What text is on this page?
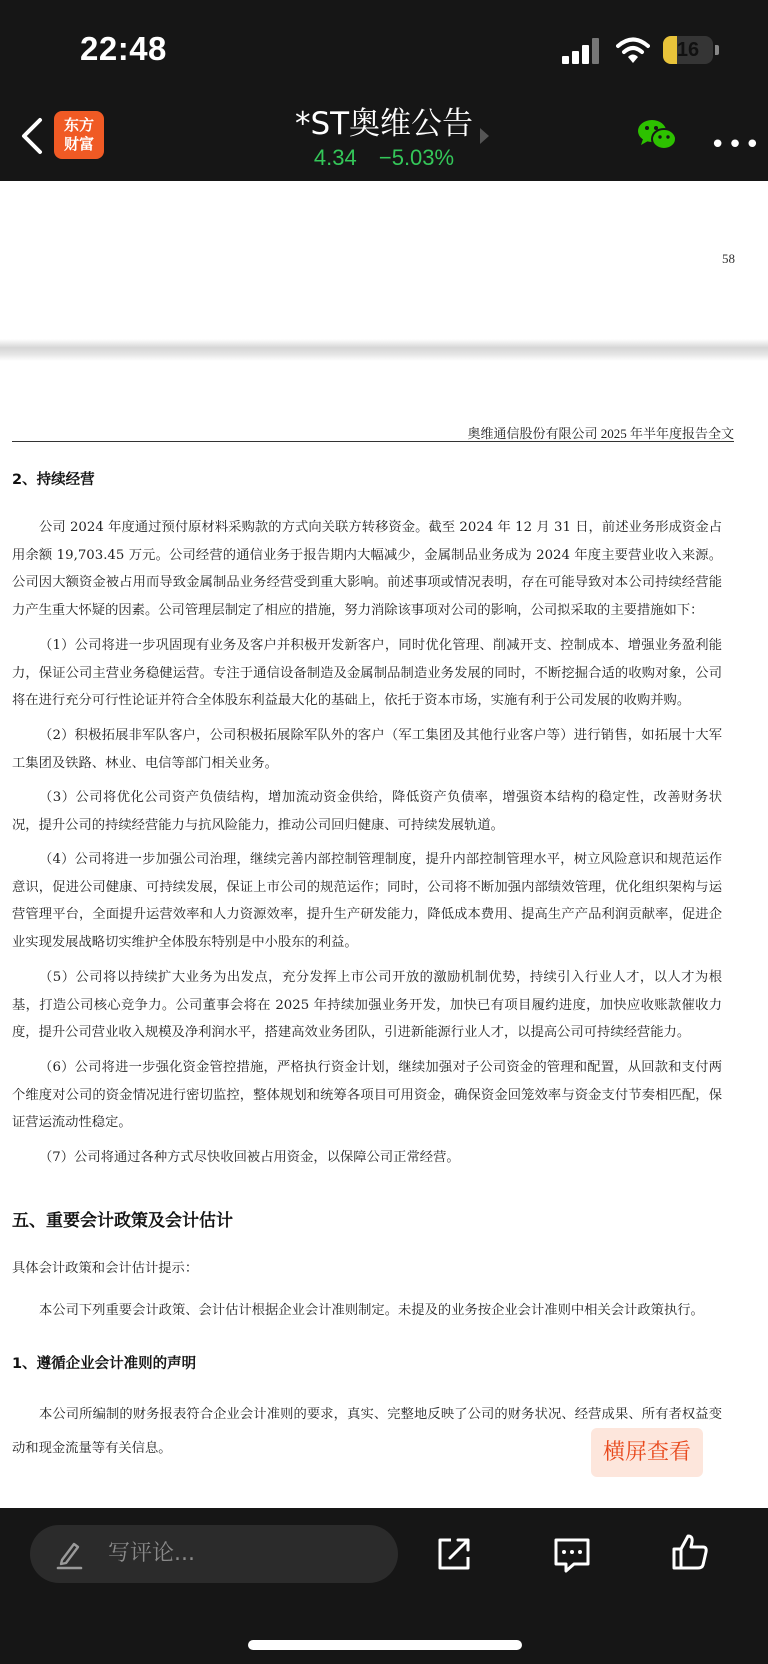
22:48	16
东方
财富
*ST奥维公告
4.34 −5.03%	•••
58
奥维通信股份有限公司 2025 年半年度报告全文
2、持续经营
公司 2024 年度通过预付原材料采购款的方式向关联方转移资金。截至 2024 年 12 月 31 日，前述业务形成资金占用余额 19,703.45 万元。公司经营的通信业务于报告期内大幅减少，金属制品业务成为 2024 年度主要营业收入来源。公司因大额资金被占用而导致金属制品业务经营受到重大影响。前述事项或情况表明，存在可能导致对本公司持续经营能力产生重大怀疑的因素。公司管理层制定了相应的措施，努力消除该事项对公司的影响，公司拟采取的主要措施如下：
（1）公司将进一步巩固现有业务及客户并积极开发新客户，同时优化管理、削减开支、控制成本、增强业务盈利能力，保证公司主营业务稳健运营。专注于通信设备制造及金属制品制造业务发展的同时，不断挖掘合适的收购对象，公司将在进行充分可行性论证并符合全体股东利益最大化的基础上，依托于资本市场，实施有利于公司发展的收购并购。
（2）积极拓展非军队客户，公司积极拓展除军队外的客户（军工集团及其他行业客户等）进行销售，如拓展十大军工集团及铁路、林业、电信等部门相关业务。
（3）公司将优化公司资产负债结构，增加流动资金供给，降低资产负债率，增强资本结构的稳定性，改善财务状况，提升公司的持续经营能力与抗风险能力，推动公司回归健康、可持续发展轨道。
（4）公司将进一步加强公司治理，继续完善内部控制管理制度，提升内部控制管理水平，树立风险意识和规范运作意识，促进公司健康、可持续发展，保证上市公司的规范运作；同时，公司将不断加强内部绩效管理，优化组织架构与运营管理平台，全面提升运营效率和人力资源效率，提升生产研发能力，降低成本费用、提高生产产品利润贡献率，促进企业实现发展战略切实维护全体股东特别是中小股东的利益。
（5）公司将以持续扩大业务为出发点，充分发挥上市公司开放的激励机制优势，持续引入行业人才，以人才为根基，打造公司核心竞争力。公司董事会将在 2025 年持续加强业务开发，加快已有项目履约进度，加快应收账款催收力度，提升公司营业收入规模及净利润水平，搭建高效业务团队，引进新能源行业人才，以提高公司可持续经营能力。
（6）公司将进一步强化资金管控措施，严格执行资金计划，继续加强对子公司资金的管理和配置，从回款和支付两个维度对公司的资金情况进行密切监控，整体规划和统筹各项目可用资金，确保资金回笼效率与资金支付节奏相匹配，保证营运流动性稳定。
（7）公司将通过各种方式尽快收回被占用资金，以保障公司正常经营。
五、重要会计政策及会计估计
具体会计政策和会计估计提示：
本公司下列重要会计政策、会计估计根据企业会计准则制定。未提及的业务按企业会计准则中相关会计政策执行。
1、遵循企业会计准则的声明
本公司所编制的财务报表符合企业会计准则的要求，真实、完整地反映了公司的财务状况、经营成果、所有者权益变动和现金流量等有关信息。	横屏查看
写评论...
